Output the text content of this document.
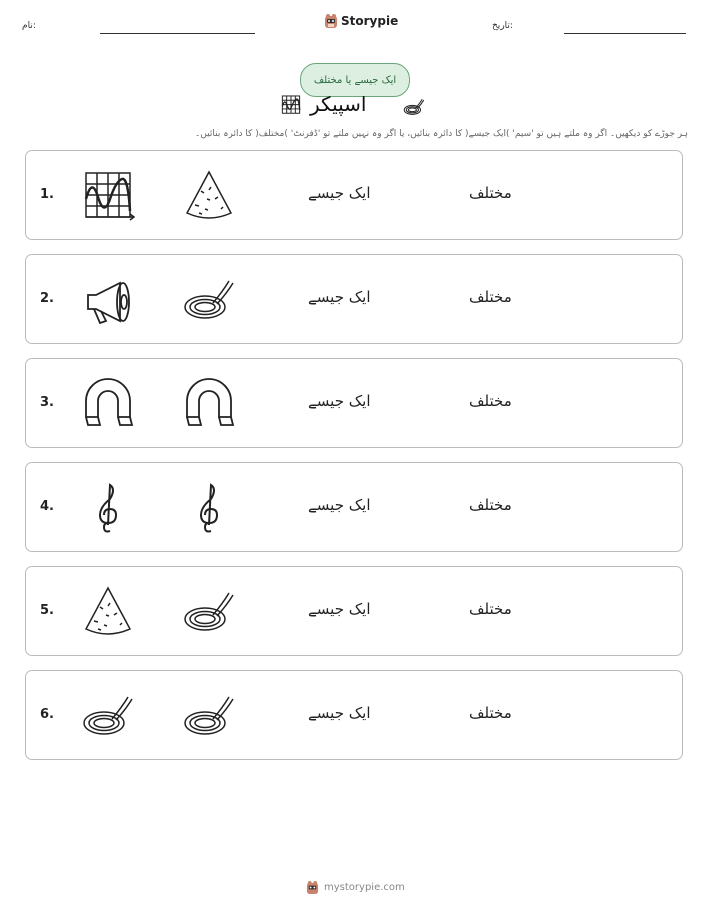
نام:	Storypie	تاریخ:
ایک جیسے یا مختلف
اسپیکر
ہر جوڑے کو دیکھیں۔ اگر وہ ملتے ہیں تو 'سیم' )ایک جیسے( کا دائرہ بنائیں، یا اگر وہ نہیں ملتے تو 'ڈفرنٹ' )مختلف( کا دائرہ بنائیں۔
1.	ایک جیسے	مختلف
2.	ایک جیسے	مختلف
3.	ایک جیسے	مختلف
4.	ایک جیسے	مختلف
5.	ایک جیسے	مختلف
6.	ایک جیسے	مختلف
mystorypie.com
